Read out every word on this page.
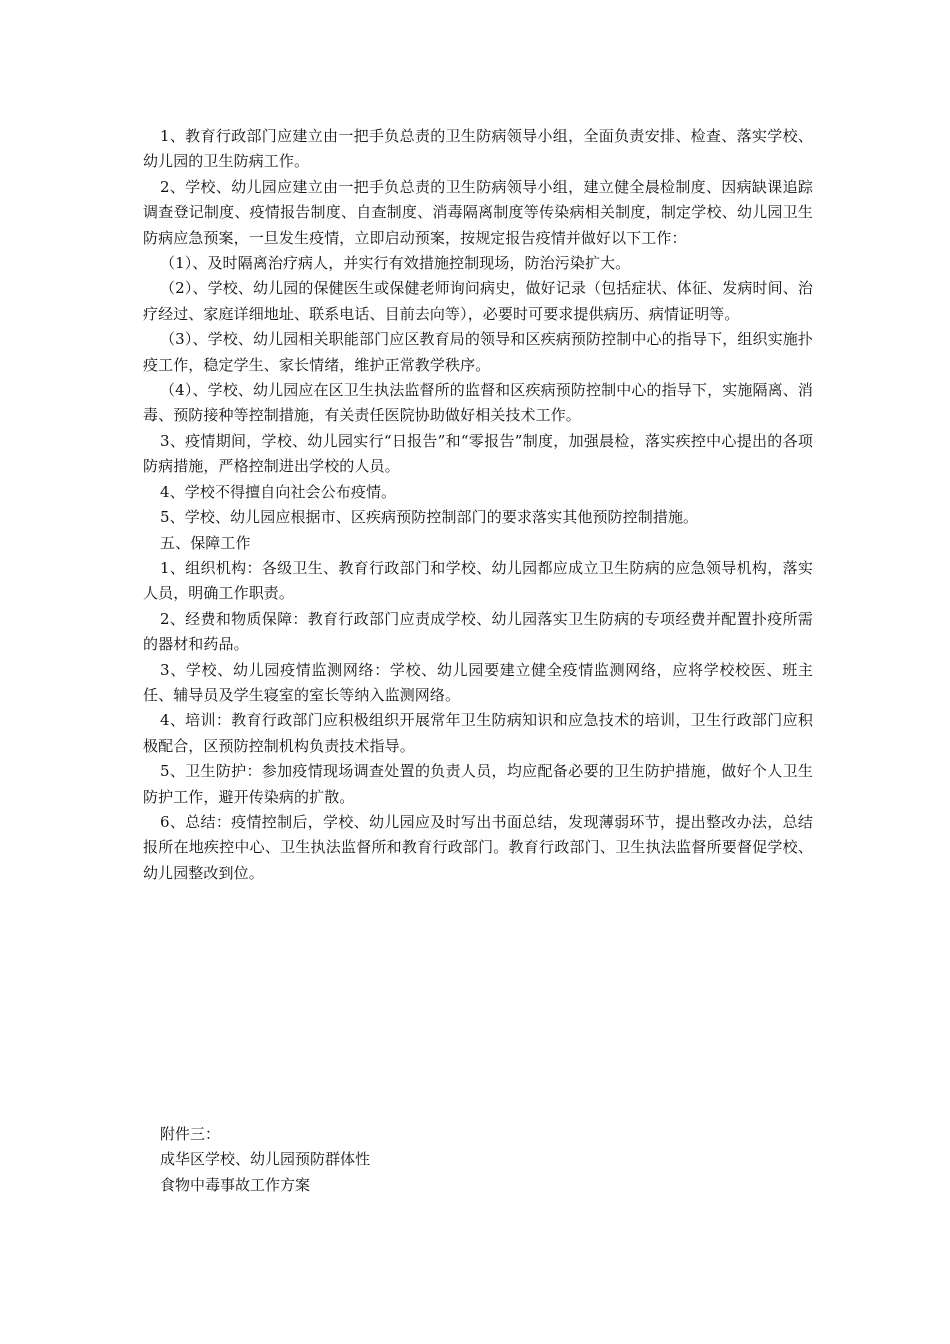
1、教育行政部门应建立由一把手负总责的卫生防病领导小组，全面负责安排、检查、落实学校、幼儿园的卫生防病工作。

2、学校、幼儿园应建立由一把手负总责的卫生防病领导小组，建立健全晨检制度、因病缺课追踪调查登记制度、疫情报告制度、自查制度、消毒隔离制度等传染病相关制度，制定学校、幼儿园卫生防病应急预案，一旦发生疫情，立即启动预案，按规定报告疫情并做好以下工作：

（1）、及时隔离治疗病人，并实行有效措施控制现场，防治污染扩大。

（2）、学校、幼儿园的保健医生或保健老师询问病史，做好记录（包括症状、体征、发病时间、治疗经过、家庭详细地址、联系电话、目前去向等），必要时可要求提供病历、病情证明等。

（3）、学校、幼儿园相关职能部门应区教育局的领导和区疾病预防控制中心的指导下，组织实施扑疫工作，稳定学生、家长情绪，维护正常教学秩序。

（4）、学校、幼儿园应在区卫生执法监督所的监督和区疾病预防控制中心的指导下，实施隔离、消毒、预防接种等控制措施，有关责任医院协助做好相关技术工作。

3、疫情期间，学校、幼儿园实行“日报告”和“零报告”制度，加强晨检，落实疾控中心提出的各项防病措施，严格控制进出学校的人员。

4、学校不得擅自向社会公布疫情。

5、学校、幼儿园应根据市、区疾病预防控制部门的要求落实其他预防控制措施。

五、保障工作

1、组织机构：各级卫生、教育行政部门和学校、幼儿园都应成立卫生防病的应急领导机构，落实人员，明确工作职责。

2、经费和物质保障：教育行政部门应责成学校、幼儿园落实卫生防病的专项经费并配置扑疫所需的器材和药品。

3、学校、幼儿园疫情监测网络：学校、幼儿园要建立健全疫情监测网络，应将学校校医、班主任、辅导员及学生寝室的室长等纳入监测网络。

4、培训：教育行政部门应积极组织开展常年卫生防病知识和应急技术的培训，卫生行政部门应积极配合，区预防控制机构负责技术指导。

5、卫生防护：参加疫情现场调查处置的负责人员，均应配备必要的卫生防护措施，做好个人卫生防护工作，避开传染病的扩散。

6、总结：疫情控制后，学校、幼儿园应及时写出书面总结，发现薄弱环节，提出整改办法，总结报所在地疾控中心、卫生执法监督所和教育行政部门。教育行政部门、卫生执法监督所要督促学校、幼儿园整改到位。

附件三：

成华区学校、幼儿园预防群体性

食物中毒事故工作方案
